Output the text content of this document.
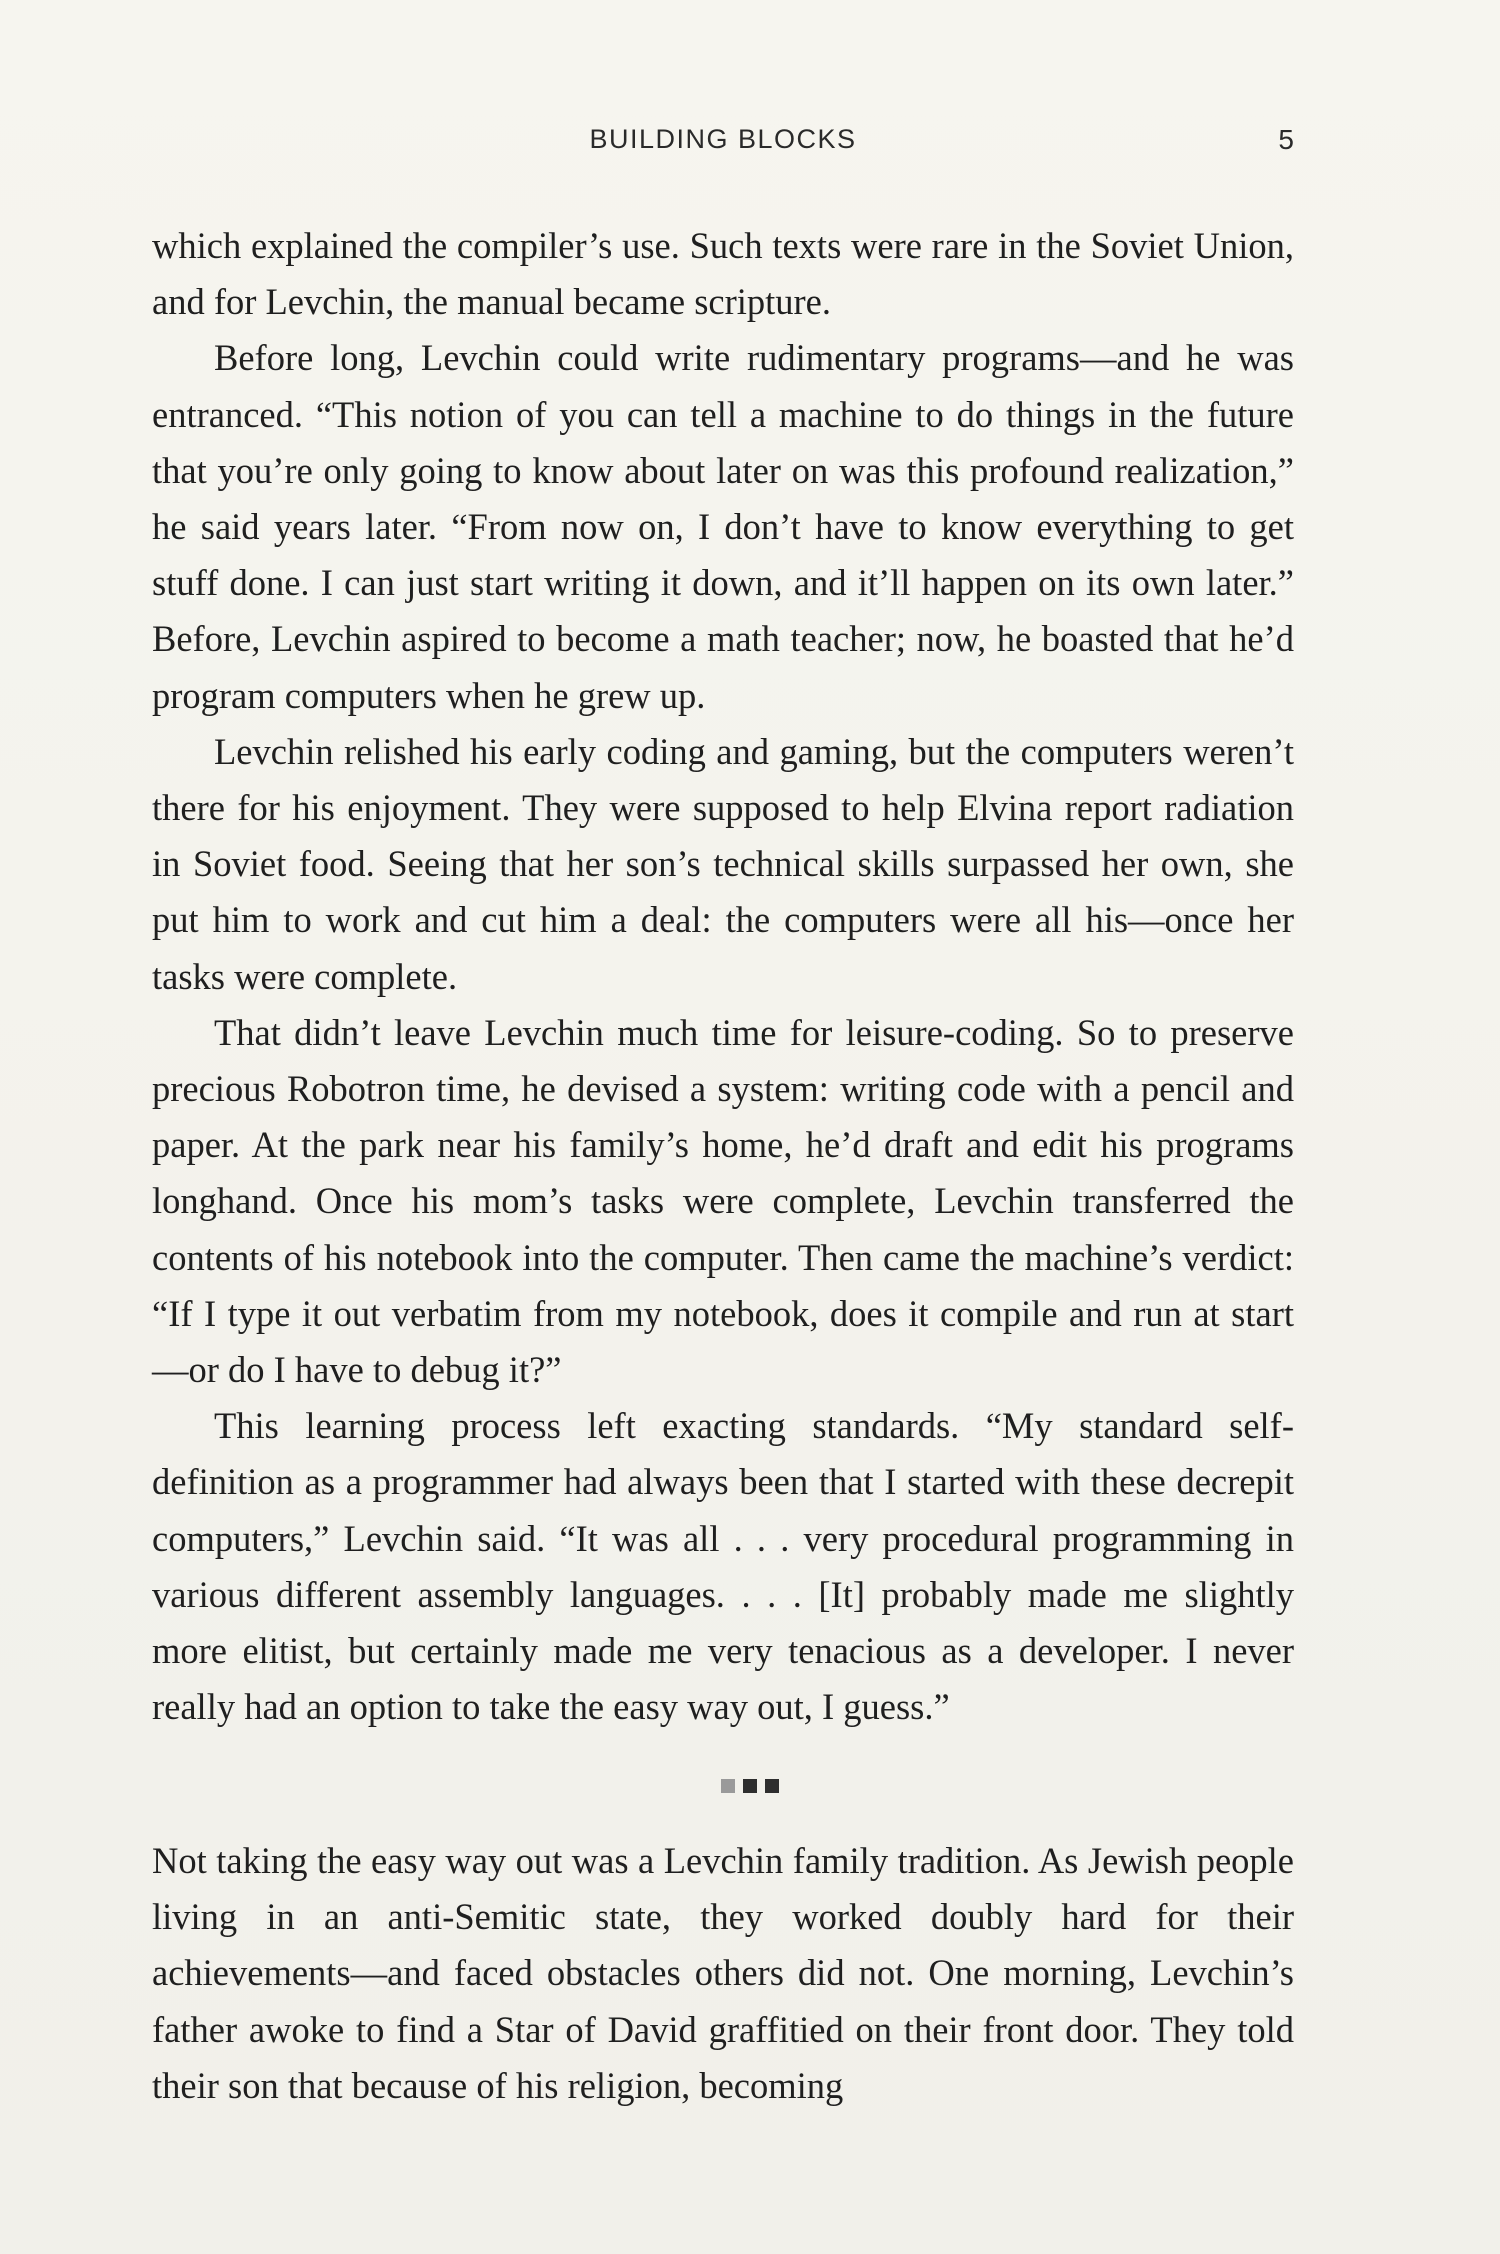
BUILDING BLOCKS	5

which explained the compiler’s use. Such texts were rare in the Soviet Union, and for Levchin, the manual became scripture.

Before long, Levchin could write rudimentary programs—and he was entranced. “This notion of you can tell a machine to do things in the future that you’re only going to know about later on was this profound realization,” he said years later. “From now on, I don’t have to know everything to get stuff done. I can just start writing it down, and it’ll happen on its own later.” Before, Levchin aspired to become a math teacher; now, he boasted that he’d program computers when he grew up.

Levchin relished his early coding and gaming, but the computers weren’t there for his enjoyment. They were supposed to help Elvina report radiation in Soviet food. Seeing that her son’s technical skills surpassed her own, she put him to work and cut him a deal: the computers were all his—once her tasks were complete.

That didn’t leave Levchin much time for leisure-coding. So to preserve precious Robotron time, he devised a system: writing code with a pencil and paper. At the park near his family’s home, he’d draft and edit his programs longhand. Once his mom’s tasks were complete, Levchin transferred the contents of his notebook into the computer. Then came the machine’s verdict: “If I type it out verbatim from my notebook, does it compile and run at start—or do I have to debug it?”

This learning process left exacting standards. “My standard self-definition as a programmer had always been that I started with these decrepit computers,” Levchin said. “It was all . . . very procedural programming in various different assembly languages. . . . [It] probably made me slightly more elitist, but certainly made me very tenacious as a developer. I never really had an option to take the easy way out, I guess.”

Not taking the easy way out was a Levchin family tradition. As Jewish people living in an anti-Semitic state, they worked doubly hard for their achievements—and faced obstacles others did not. One morning, Levchin’s father awoke to find a Star of David graffitied on their front door. They told their son that because of his religion, becoming
